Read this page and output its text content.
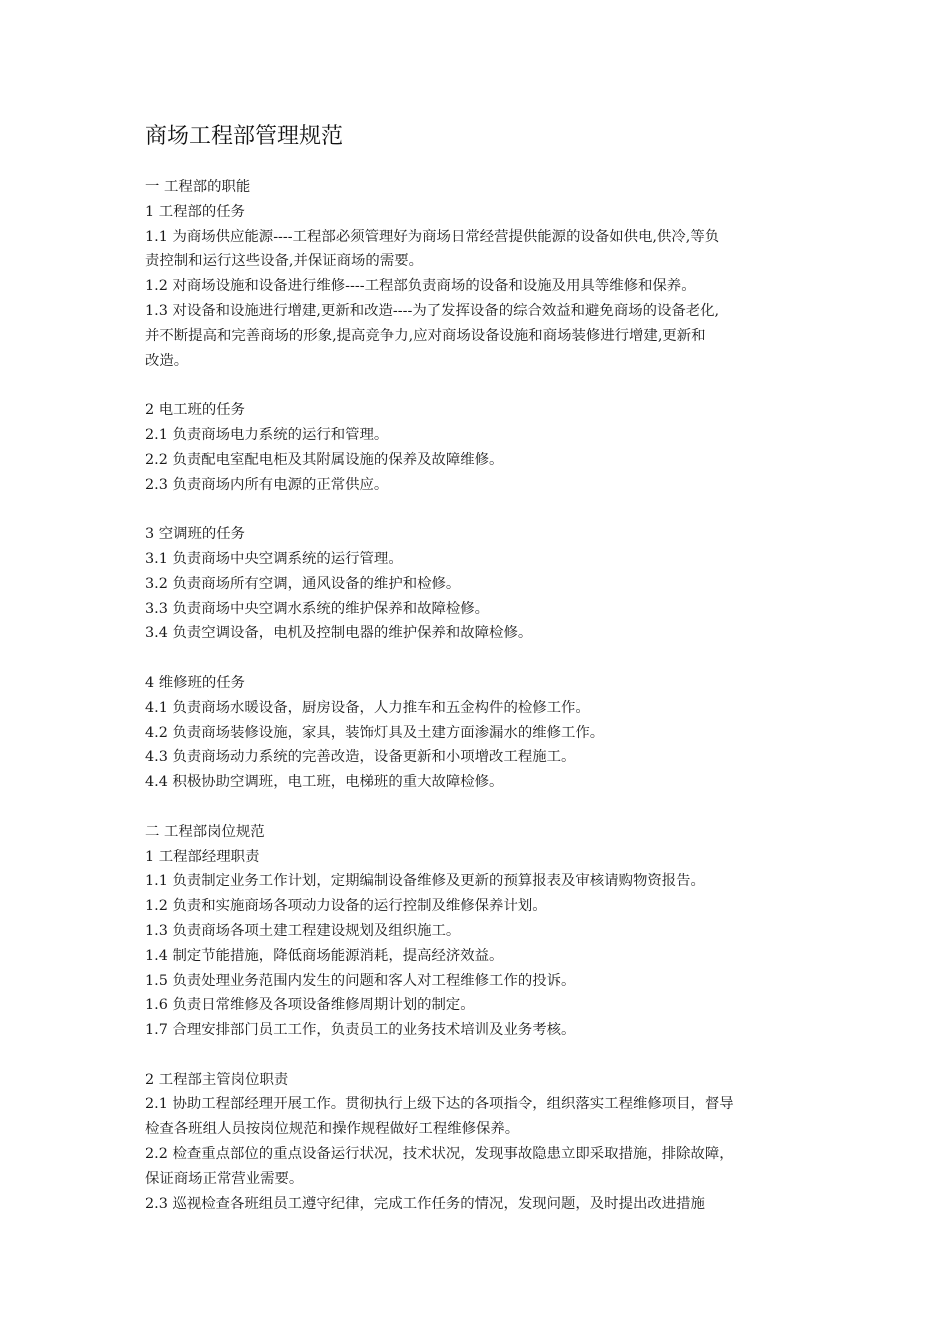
商场工程部管理规范
一 工程部的职能
1 工程部的任务
1.1 为商场供应能源----工程部必须管理好为商场日常经营提供能源的设备如供电,供冷,等负
责控制和运行这些设备,并保证商场的需要。
1.2 对商场设施和设备进行维修----工程部负责商场的设备和设施及用具等维修和保养。
1.3 对设备和设施进行增建,更新和改造----为了发挥设备的综合效益和避免商场的设备老化,
并不断提高和完善商场的形象,提高竞争力,应对商场设备设施和商场装修进行增建,更新和
改造。
2 电工班的任务
2.1 负责商场电力系统的运行和管理。
2.2 负责配电室配电柜及其附属设施的保养及故障维修。
2.3 负责商场内所有电源的正常供应。
3 空调班的任务
3.1 负责商场中央空调系统的运行管理。
3.2 负责商场所有空调，通风设备的维护和检修。
3.3 负责商场中央空调水系统的维护保养和故障检修。
3.4 负责空调设备，电机及控制电器的维护保养和故障检修。
4 维修班的任务
4.1 负责商场水暖设备，厨房设备，人力推车和五金构件的检修工作。
4.2 负责商场装修设施，家具，装饰灯具及土建方面渗漏水的维修工作。
4.3 负责商场动力系统的完善改造，设备更新和小项增改工程施工。
4.4 积极协助空调班，电工班，电梯班的重大故障检修。
二 工程部岗位规范
1 工程部经理职责
1.1 负责制定业务工作计划，定期编制设备维修及更新的预算报表及审核请购物资报告。
1.2 负责和实施商场各项动力设备的运行控制及维修保养计划。
1.3 负责商场各项土建工程建设规划及组织施工。
1.4 制定节能措施，降低商场能源消耗，提高经济效益。
1.5 负责处理业务范围内发生的问题和客人对工程维修工作的投诉。
1.6 负责日常维修及各项设备维修周期计划的制定。
1.7 合理安排部门员工工作，负责员工的业务技术培训及业务考核。
2 工程部主管岗位职责
2.1 协助工程部经理开展工作。贯彻执行上级下达的各项指令，组织落实工程维修项目，督导
检查各班组人员按岗位规范和操作规程做好工程维修保养。
2.2 检查重点部位的重点设备运行状况，技术状况，发现事故隐患立即采取措施，排除故障，
保证商场正常营业需要。
2.3 巡视检查各班组员工遵守纪律，完成工作任务的情况，发现问题，及时提出改进措施
